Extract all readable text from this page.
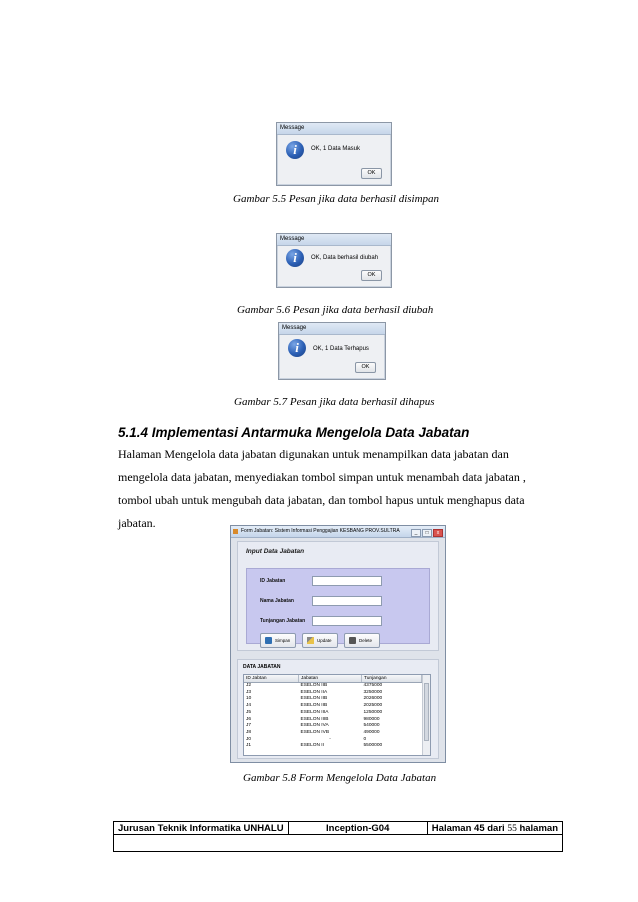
Message
i	OK, 1 Data Masuk
OK
Gambar 5.5 Pesan jika data berhasil disimpan
Message
i	OK, Data berhasil diubah
OK
Gambar 5.6 Pesan jika data berhasil diubah
Message
i	OK, 1 Data Terhapus
OK
Gambar 5.7 Pesan jika data berhasil dihapus
5.1.4 Implementasi Antarmuka Mengelola Data Jabatan
Halaman Mengelola data jabatan digunakan untuk menampilkan data jabatan dan
mengelola data jabatan, menyediakan tombol simpan untuk menambah data jabatan ,
tombol ubah untuk mengubah data jabatan, dan tombol hapus untuk menghapus data
jabatan.
Form Jabatan: Sistem Informasi Penggajian KESBANG PROV.SULTRA	_ □ x
Input Data Jabatan
ID Jabatan
Nama Jabatan
Tunjangan Jabatan
Simpan	Update	Delete
DATA JABATAN
ID Jabtan	Jabatan	Tunjangan
J2	ESELON IIB	4375000
J3	ESELON IIA	3250000
10	ESELON IIB	2026000
J4	ESELON IIB	2025000
J5	ESELON IIIA	1250000
J6	ESELON IIIB	980000
J7	ESELON IVA	540000
J8	ESELON IVB	490000
J0	-	0
J1	ESELON II	5500000
Gambar 5.8 Form Mengelola Data Jabatan
Jurusan Teknik Informatika UNHALU	Inception-G04	Halaman 45 dari 55 halaman
